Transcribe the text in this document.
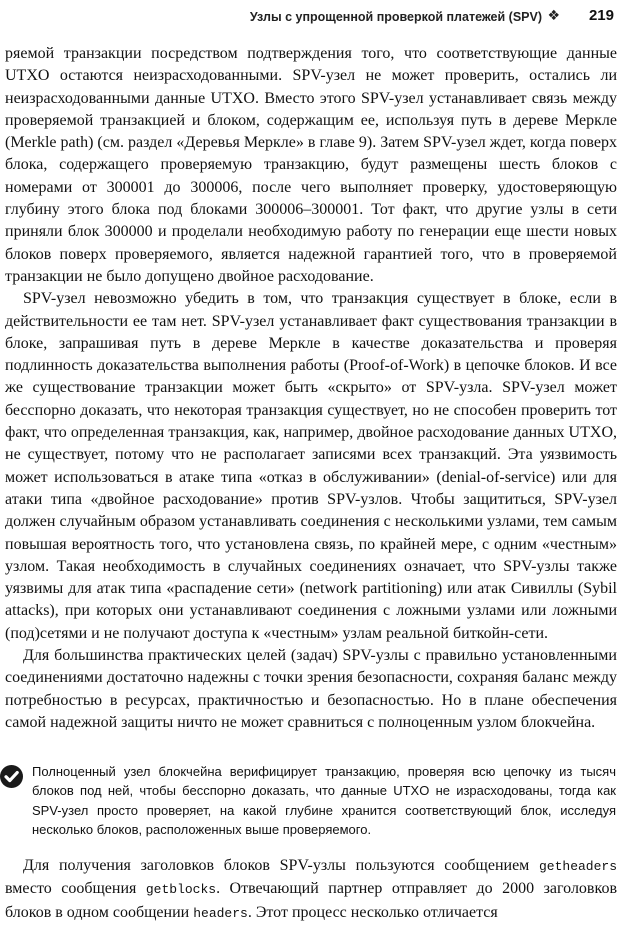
Узлы с упрощенной проверкой платежей (SPV) ❖ 219

ряемой транзакции посредством подтверждения того, что соответствующие данные UTXO остаются неизрасходованными. SPV-узел не может проверить, остались ли неизрасходованными данные UTXO. Вместо этого SPV-узел устанавливает связь между проверяемой транзакцией и блоком, содержащим ее, используя путь в дереве Меркле (Merkle path) (см. раздел «Деревья Меркле» в главе 9). Затем SPV-узел ждет, когда поверх блока, содержащего проверяемую транзакцию, будут размещены шесть блоков с номерами от 300001 до 300006, после чего выполняет проверку, удостоверяющую глубину этого блока под блоками 300006–300001. Тот факт, что другие узлы в сети приняли блок 300000 и проделали необходимую работу по генерации еще шести новых блоков поверх проверяемого, является надежной гарантией того, что в проверяемой транзакции не было допущено двойное расходование.

SPV-узел невозможно убедить в том, что транзакция существует в блоке, если в действительности ее там нет. SPV-узел устанавливает факт существования транзакции в блоке, запрашивая путь в дереве Меркле в качестве доказательства и проверяя подлинность доказательства выполнения работы (Proof-of-Work) в цепочке блоков. И все же существование транзакции может быть «скрыто» от SPV-узла. SPV-узел может бесспорно доказать, что некоторая транзакция существует, но не способен проверить тот факт, что определенная транзакция, как, например, двойное расходование данных UTXO, не существует, потому что не располагает записями всех транзакций. Эта уязвимость может использоваться в атаке типа «отказ в обслуживании» (denial-of-service) или для атаки типа «двойное расходование» против SPV-узлов. Чтобы защититься, SPV-узел должен случайным образом устанавливать соединения с несколькими узлами, тем самым повышая вероятность того, что установлена связь, по крайней мере, с одним «честным» узлом. Такая необходимость в случайных соединениях означает, что SPV-узлы также уязвимы для атак типа «распадение сети» (network partitioning) или атак Сивиллы (Sybil attacks), при которых они устанавливают соединения с ложными узлами или ложными (под)сетями и не получают доступа к «честным» узлам реальной биткойн-сети.

Для большинства практических целей (задач) SPV-узлы с правильно установленными соединениями достаточно надежны с точки зрения безопасности, сохраняя баланс между потребностью в ресурсах, практичностью и безопасностью. Но в плане обеспечения самой надежной защиты ничто не может сравниться с полноценным узлом блокчейна.

Полноценный узел блокчейна верифицирует транзакцию, проверяя всю цепочку из тысяч блоков под ней, чтобы бесспорно доказать, что данные UTXO не израсходованы, тогда как SPV-узел просто проверяет, на какой глубине хранится соответствующий блок, исследуя несколько блоков, расположенных выше проверяемого.

Для получения заголовков блоков SPV-узлы пользуются сообщением getheaders вместо сообщения getblocks. Отвечающий партнер отправляет до 2000 заголовков блоков в одном сообщении headers. Этот процесс несколько отличается
